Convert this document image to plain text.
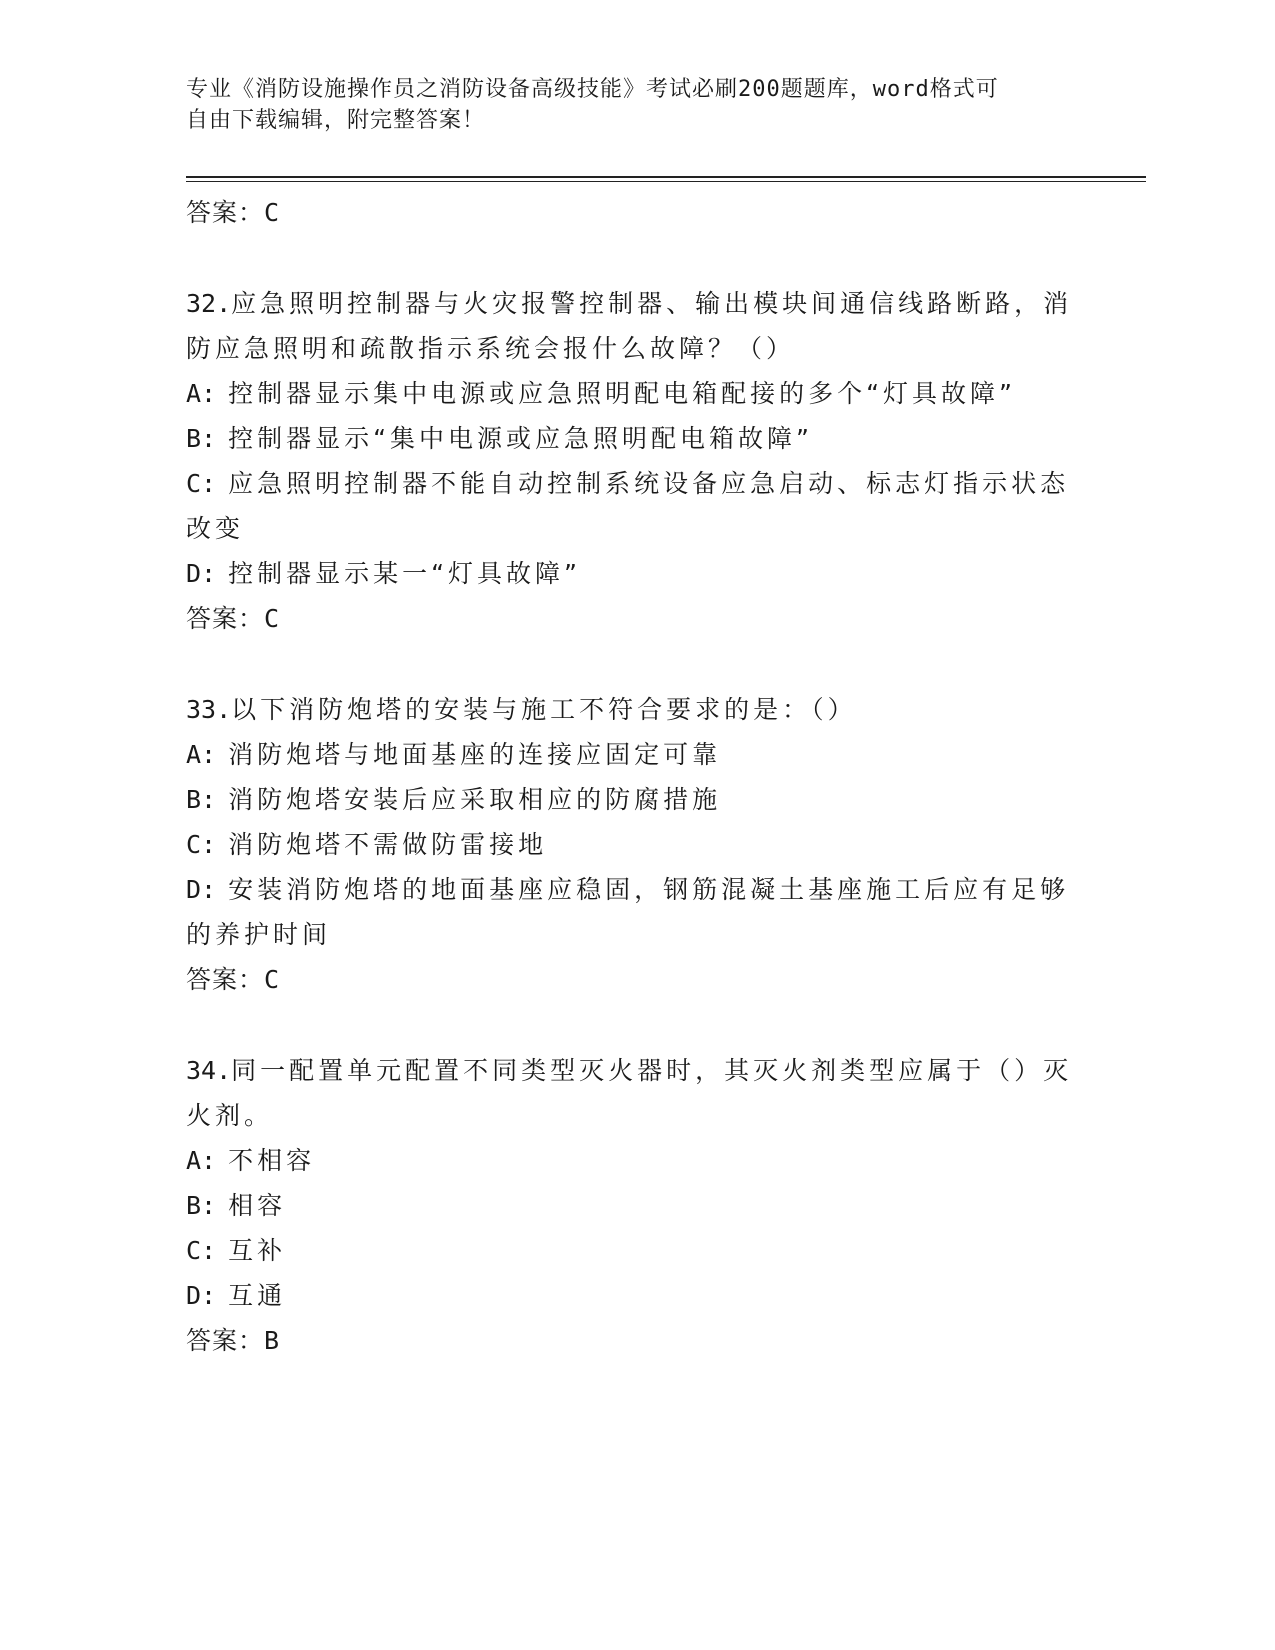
专业《消防设施操作员之消防设备高级技能》考试必刷200题题库，word格式可
自由下载编辑，附完整答案！
答案：C
32.应急照明控制器与火灾报警控制器、输出模块间通信线路断路，消防应急照明和疏散指示系统会报什么故障？（）
A: 控制器显示集中电源或应急照明配电箱配接的多个“灯具故障”
B: 控制器显示“集中电源或应急照明配电箱故障”
C: 应急照明控制器不能自动控制系统设备应急启动、标志灯指示状态改变
D: 控制器显示某一“灯具故障”
答案：C
33.以下消防炮塔的安装与施工不符合要求的是：（）
A: 消防炮塔与地面基座的连接应固定可靠
B: 消防炮塔安装后应采取相应的防腐措施
C: 消防炮塔不需做防雷接地
D: 安装消防炮塔的地面基座应稳固，钢筋混凝土基座施工后应有足够的养护时间
答案：C
34.同一配置单元配置不同类型灭火器时，其灭火剂类型应属于（）灭火剂。
A: 不相容
B: 相容
C: 互补
D: 互通
答案：B
